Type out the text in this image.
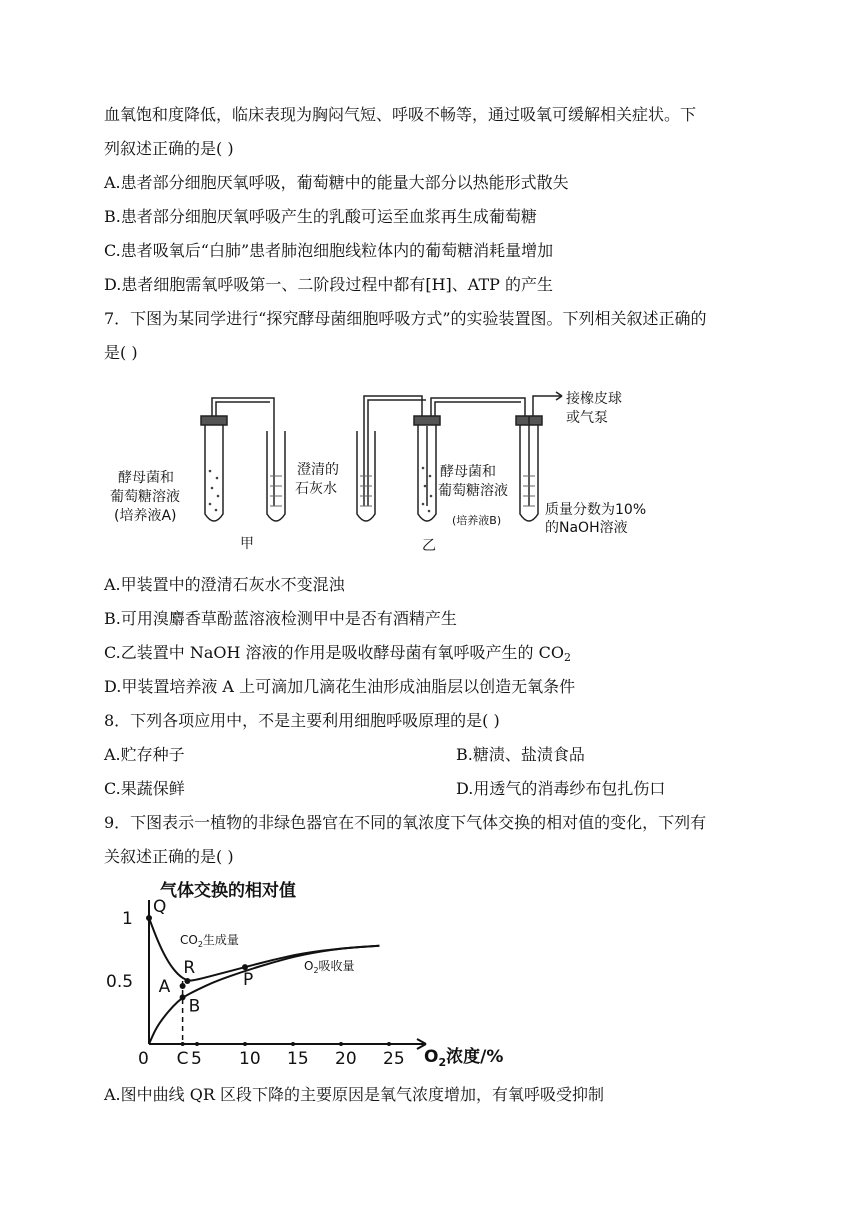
血氧饱和度降低，临床表现为胸闷气短、呼吸不畅等，通过吸氧可缓解相关症状。下
列叙述正确的是( )
A.患者部分细胞厌氧呼吸，葡萄糖中的能量大部分以热能形式散失
B.患者部分细胞厌氧呼吸产生的乳酸可运至血浆再生成葡萄糖
C.患者吸氧后“白肺”患者肺泡细胞线粒体内的葡萄糖消耗量增加
D.患者细胞需氧呼吸第一、二阶段过程中都有[H]、ATP 的产生
7．下图为某同学进行“探究酵母菌细胞呼吸方式”的实验装置图。下列相关叙述正确的
是( )
接橡皮球
或气泵
酵母菌和
葡萄糖溶液
(培养液A)
澄清的
石灰水
酵母菌和
葡萄糖溶液
质量分数为10%
的NaOH溶液
甲	乙
(培养液B)
A.甲装置中的澄清石灰水不变混浊
B.可用溴麝香草酚蓝溶液检测甲中是否有酒精产生
C.乙装置中 NaOH 溶液的作用是吸收酵母菌有氧呼吸产生的 $CO_2$
D.甲装置培养液 A 上可滴加几滴花生油形成油脂层以创造无氧条件
8．下列各项应用中，不是主要利用细胞呼吸原理的是( )
A.贮存种子	B.糖渍、盐渍食品
C.果蔬保鲜	D.用透气的消毒纱布包扎伤口
9．下图表示一植物的非绿色器官在不同的氧浓度下气体交换的相对值的变化，下列有
关叙述正确的是( )
气体交换的相对值
Q
R
A
B
P
0 C 5 10 15 20 25
1
0.5
$O_2$浓度/%
$CO_2$生成量
$O_2$吸收量
A.图中曲线 QR 区段下降的主要原因是氧气浓度增加，有氧呼吸受抑制
